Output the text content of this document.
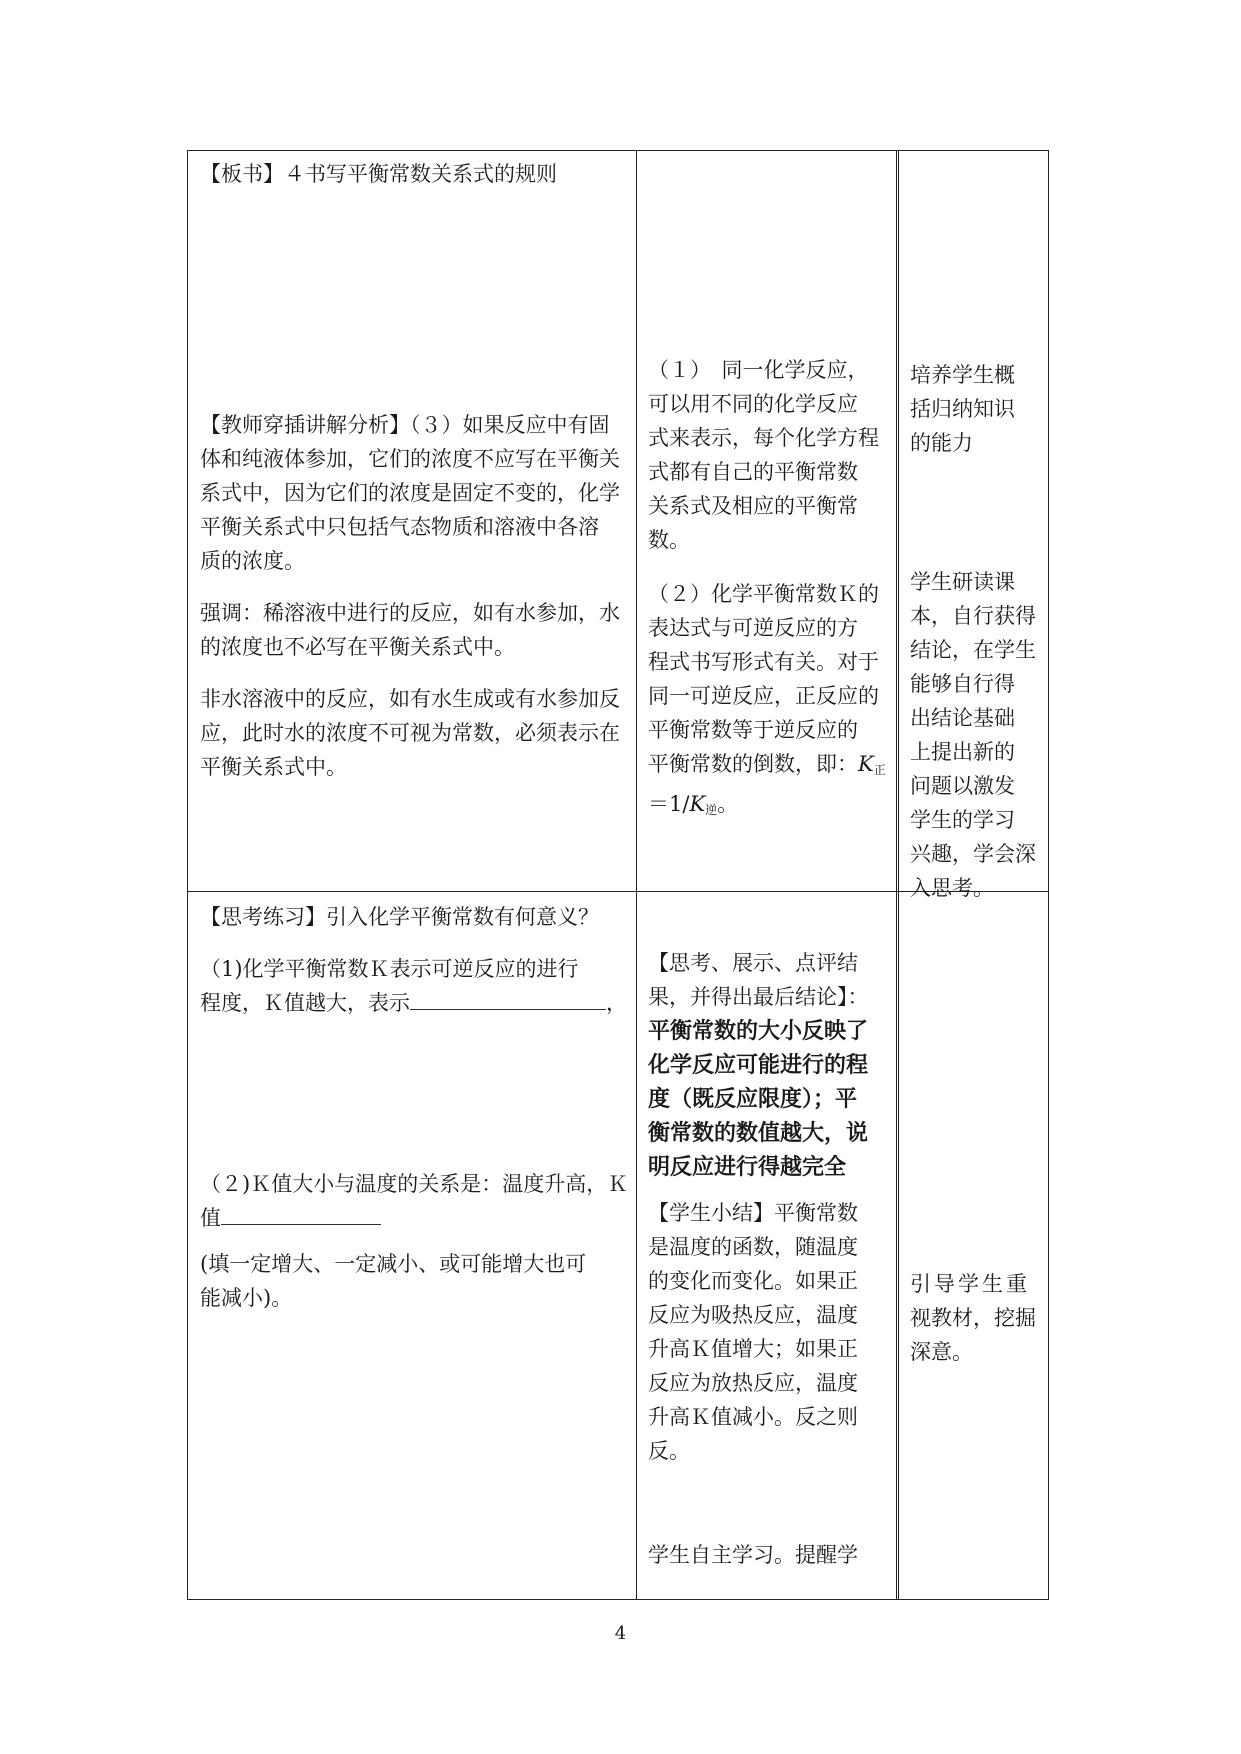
【板书】４书写平衡常数关系式的规则

【教师穿插讲解分析】（３）如果反应中有固

体和纯液体参加，它们的浓度不应写在平衡关

系式中，因为它们的浓度是固定不变的，化学

平衡关系式中只包括气态物质和溶液中各溶

质的浓度。

强调：稀溶液中进行的反应，如有水参加，水

的浓度也不必写在平衡关系式中。

非水溶液中的反应，如有水生成或有水参加反

应，此时水的浓度不可视为常数，必须表示在

平衡关系式中。

（１）　同一化学反应，

可以用不同的化学反应

式来表示，每个化学方程

式都有自己的平衡常数

关系式及相应的平衡常

数。

（２）化学平衡常数Ｋ的

表达式与可逆反应的方

程式书写形式有关。对于

同一可逆反应，正反应的

平衡常数等于逆反应的

平衡常数的倒数，即：$K_正$

$=1/K_逆$。

培养学生概

括归纳知识

的能力

学生研读课

本，自行获得

结论，在学生

能够自行得

出结论基础

上提出新的

问题以激发

学生的学习

兴趣，学会深

入思考。

【思考练习】引入化学平衡常数有何意义？

（1)化学平衡常数Ｋ表示可逆反应的进行

程度，Ｋ值越大，表示	，

（２)Ｋ值大小与温度的关系是：温度升高，Ｋ

值

(填一定增大、一定减小、或可能增大也可

能减小)。

【思考、展示、点评结

果，并得出最后结论】：

平衡常数的大小反映了

化学反应可能进行的程

度（既反应限度）；平

衡常数的数值越大，说

明反应进行得越完全

【学生小结】平衡常数

是温度的函数，随温度

的变化而变化。如果正

反应为吸热反应，温度

升高Ｋ值增大；如果正

反应为放热反应，温度

升高Ｋ值减小。反之则

反。

学生自主学习。提醒学

引导学生重

视教材，挖掘

深意。

4
